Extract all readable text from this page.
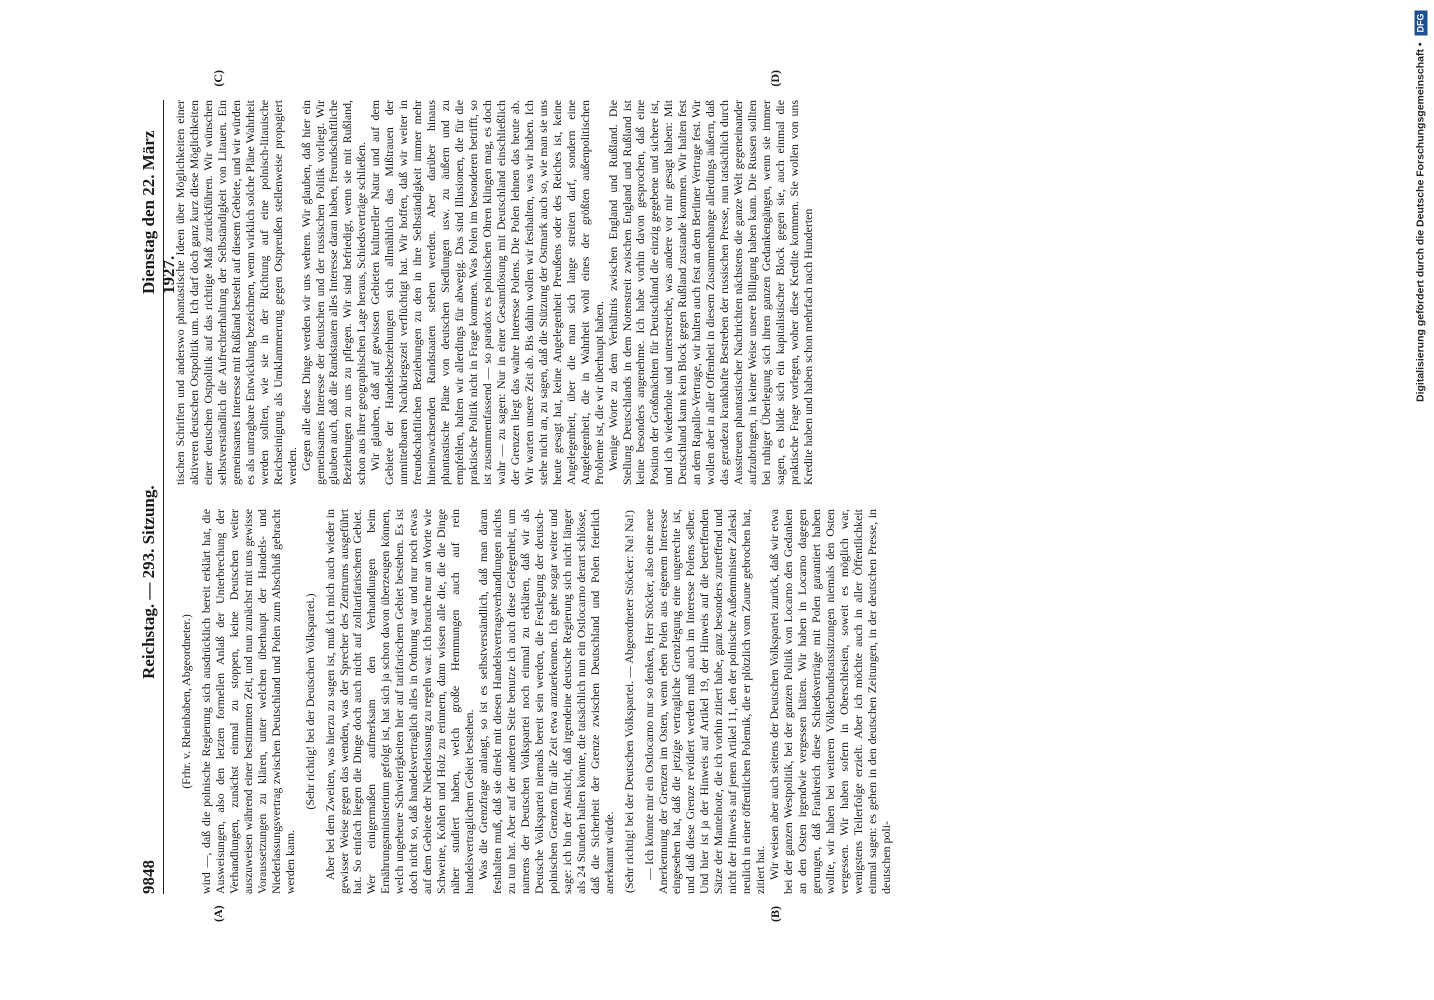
9848
Reichstag. — 293. Sitzung.
Dienstag den 22. März 1927.
(A)	(B)

(Frhr. v. Rheinbaben, Abgeordneter.) wird —, daß die polnische Regierung sich ausdrücklich bereit erklärt hat, die Ausweisungen, also den letzten formellen Anlaß der Unterbrechung der Verhandlungen, zunächst einmal zu stoppen, keine Deutschen weiter auszuweisen während einer bestimmten Zeit, und nun zunächst mit uns gewisse Voraussetzungen zu klären, unter welchen überhaupt der Handels- und Niederlassungsvertrag zwischen Deutschland und Polen zum Abschluß gebracht werden kann.

(Sehr richtig! bei der Deutschen Volkspartei.) Aber bei dem Zweiten, was hierzu zu sagen ist, muß ich mich auch wieder in gewisser Weise gegen das wenden, was der Sprecher des Zentrums ausgeführt hat. So einfach liegen die Dinge doch auch nicht auf zolltarifarischem Gebiet. Wer einigermaßen aufmerksam den Verhandlungen beim Ernährungsministerium gefolgt ist, hat sich ja schon davon überzeugen können, welch ungeheure Schwierigkeiten hier auf tarifarischem Gebiet bestehen. Es ist doch nicht so, daß handelsvertraglich alles in Ordnung war und nur noch etwas auf dem Gebiete der Niederlassung zu regeln war. Ich brauche nur an Worte wie Schweine, Kohlen und Holz zu erinnern, dann wissen alle die, die die Dinge näher studiert haben, welch große Hemmungen auch auf rein handelsvertraglichem Gebiet bestehen. Was die Grenzfrage anlangt, so ist es selbstverständlich, daß man daran festhalten muß, daß sie direkt mit diesen Handelsvertragsverhandlungen nichts zu tun hat. Aber auf der anderen Seite benutze ich auch diese Gelegenheit, um namens der Deutschen Volkspartei noch einmal zu erklären, daß wir als Deutsche Volkspartei niemals bereit sein werden, die Festlegung der deutsch-polnischen Grenzen für alle Zeit etwa anzuerkennen. Ich gehe sogar weiter und sage: ich bin der Ansicht, daß irgendeine deutsche Regierung sich nicht länger als 24 Stunden halten könnte, die tatsächlich nun ein Ostlocarno derart schlösse, daß die Sicherheit der Grenze zwischen Deutschland und Polen feierlich anerkannt würde. (Sehr richtig! bei der Deutschen Volkspartei. — Abgeordneter Stöcker: Na! Na!) — Ich könnte mir ein Ostlocarno nur so denken, Herr Stöcker, also eine neue Anerkennung der Grenzen im Osten, wenn eben Polen aus eigenem Interesse eingesehen hat, daß die jetzige vertragliche Grenzlegung eine ungerechte ist, und daß diese Grenze revidiert werden muß auch im Interesse Polens selber. Und hier ist ja der Hinweis auf Artikel 19, der Hinweis auf die betreffenden Sätze der Mantelnote, die ich vorhin zitiert habe, ganz besonders zutreffend und nicht der Hinweis auf jenen Artikel 11, den der polnische Außenminister Zaleski neulich in einer öffentlichen Polemik, die er plötzlich vom Zaune gebrochen hat, zitiert hat. Wir weisen aber auch seitens der Deutschen Volkspartei zurück, daß wir etwa bei der ganzen Westpolitik, bei der ganzen Politik von Locarno den Gedanken an den Osten irgendwie vergessen hätten. Wir haben in Locarno dagegen gerungen, daß Frankreich diese Schiedsverträge mit Polen garantiert haben wollte, wir haben bei weiteren Völkerbundsratssitzungen niemals den Osten vergessen. Wir haben sofern in Oberschlesien, soweit es möglich war, wenigstens Teilerfolge erzielt. Aber ich möchte auch in aller Öffentlichkeit einmal sagen: es gehen in den deutschen Zeitungen, in der deutschen Presse, in deutschen poli-

(C)	(D)

tischen Schriften und anderswo phantastische Ideen über Möglichkeiten einer aktiveren deutschen Ostpolitik um. Ich darf doch ganz kurz diese Möglichkeiten einer deutschen Ostpolitik auf das richtige Maß zurückführen. Wir wünschen selbstverständlich die Aufrechterhaltung der Selbständigkeit von Litauen. Ein gemeinsames Interesse mit Rußland besteht auf diesem Gebiete, und wir würden es als untragbare Entwicklung bezeichnen, wenn wirklich solche Pläne Wahrheit werden sollten, wie sie in der Richtung auf eine polnisch-litauische Reichseinigung als Umklammerung gegen Ostpreußen stellenweise propagiert werden. Gegen alle diese Dinge werden wir uns wehren. Wir glauben, daß hier ein gemeinsames Interesse der deutschen und der russischen Politik vorliegt. Wir glauben auch, daß die Randstaaten alles Interesse daran haben, freundschaftliche Beziehungen zu uns zu pflegen. Wir sind befriedigt, wenn sie mit Rußland, schon aus ihrer geographischen Lage heraus, Schiedsverträge schließen. Wir glauben, daß auf gewissen Gebieten kultureller Natur und auf dem Gebiete der Handelsbeziehungen sich allmählich das Mißtrauen der unmittelbaren Nachkriegszeit verflüchtigt hat. Wir hoffen, daß wir weiter in freundschaftlichen Beziehungen zu den in ihre Selbständigkeit immer mehr hineinwachsenden Randstaaten stehen werden. Aber darüber hinaus phantastische Pläne von deutschen Siedlungen usw. zu äußern und zu empfehlen, halten wir allerdings für abwegig. Das sind Illusionen, die für die praktische Politik nicht in Frage kommen. Was Polen im besonderen betrifft, so ist zusammenfassend — so paradox es polnischen Ohren klingen mag, es doch wahr — zu sagen: Nur in einer Gesamtlösung mit Deutschland einschließlich der Grenzen liegt das wahre Interesse Polens. Die Polen lehnen das heute ab. Wir warten unsere Zeit ab. Bis dahin wollen wir festhalten, was wir haben. Ich stehe nicht an, zu sagen, daß die Stützung der Ostmark auch so, wie man sie uns heute gesagt hat, keine Angelegenheit Preußens oder des Reiches ist, keine Angelegenheit, über die man sich lange streiten darf, sondern eine Angelegenheit, die in Wahrheit wohl eines der größten außenpolitischen Probleme ist, die wir überhaupt haben. Wenige Worte zu dem Verhältnis zwischen England und Rußland. Die Stellung Deutschlands in dem Notenstreit zwischen England und Rußland ist keine besonders angenehme. Ich habe vorhin davon gesprochen, daß eine Position der Großmächten für Deutschland die einzig gegebene und sichere ist, und ich wiederhole und unterstreiche, was andere vor mir gesagt haben: Mit Deutschland kann kein Block gegen Rußland zustande kommen. Wir halten fest an dem Rapallo-Vertrage, wir halten auch fest an dem Berliner Vertrage fest. Wir wollen aber in aller Offenheit in diesem Zusammenhange allerdings äußern, daß das geradezu krankhafte Bestreben der russischen Presse, nun tatsächlich durch Ausstreuen phantastischer Nachrichten nächstens die ganze Welt gegeneinander aufzubringen, in keiner Weise unsere Billigung haben kann. Die Russen sollten bei ruhiger Überlegung sich ihren ganzen Gedankengängen, wenn sie immer sagen, es bilde sich ein kapitalistischer Block gegen sie, auch einmal die praktische Frage vorlegen, woher diese Kredite kommen. Sie wollen von uns Kredite haben und haben schon mehrfach nach Hunderten	Digitalisierung gefördert durch die Deutsche Forschungsgemeinschaft • DFG
